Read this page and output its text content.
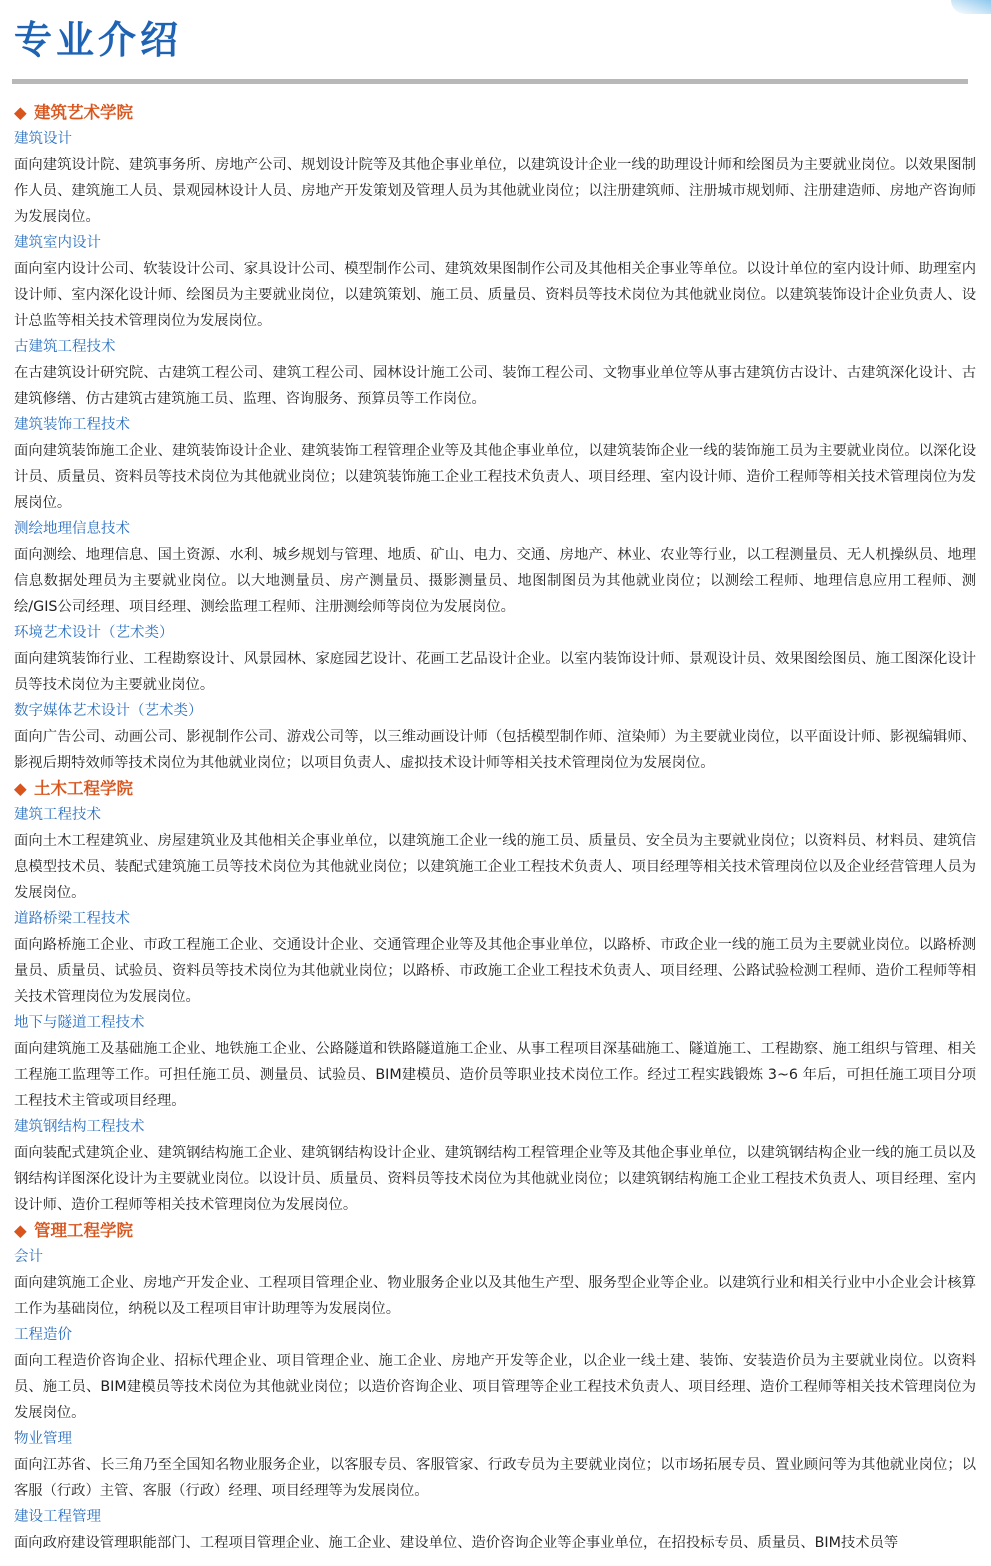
专业介绍
◆ 建筑艺术学院
建筑设计
面向建筑设计院、建筑事务所、房地产公司、规划设计院等及其他企事业单位，以建筑设计企业一线的助理设计师和绘图员为主要就业岗位。以效果图制作人员、建筑施工人员、景观园林设计人员、房地产开发策划及管理人员为其他就业岗位；以注册建筑师、注册城市规划师、注册建造师、房地产咨询师为发展岗位。
建筑室内设计
面向室内设计公司、软装设计公司、家具设计公司、模型制作公司、建筑效果图制作公司及其他相关企事业等单位。以设计单位的室内设计师、助理室内设计师、室内深化设计师、绘图员为主要就业岗位，以建筑策划、施工员、质量员、资料员等技术岗位为其他就业岗位。以建筑装饰设计企业负责人、设计总监等相关技术管理岗位为发展岗位。
古建筑工程技术
在古建筑设计研究院、古建筑工程公司、建筑工程公司、园林设计施工公司、装饰工程公司、文物事业单位等从事古建筑仿古设计、古建筑深化设计、古建筑修缮、仿古建筑古建筑施工员、监理、咨询服务、预算员等工作岗位。
建筑装饰工程技术
面向建筑装饰施工企业、建筑装饰设计企业、建筑装饰工程管理企业等及其他企事业单位，以建筑装饰企业一线的装饰施工员为主要就业岗位。以深化设计员、质量员、资料员等技术岗位为其他就业岗位；以建筑装饰施工企业工程技术负责人、项目经理、室内设计师、造价工程师等相关技术管理岗位为发展岗位。
测绘地理信息技术
面向测绘、地理信息、国土资源、水利、城乡规划与管理、地质、矿山、电力、交通、房地产、林业、农业等行业，以工程测量员、无人机操纵员、地理信息数据处理员为主要就业岗位。以大地测量员、房产测量员、摄影测量员、地图制图员为其他就业岗位；以测绘工程师、地理信息应用工程师、测绘/GIS公司经理、项目经理、测绘监理工程师、注册测绘师等岗位为发展岗位。
环境艺术设计（艺术类）
面向建筑装饰行业、工程勘察设计、风景园林、家庭园艺设计、花画工艺品设计企业。以室内装饰设计师、景观设计员、效果图绘图员、施工图深化设计员等技术岗位为主要就业岗位。
数字媒体艺术设计（艺术类）
面向广告公司、动画公司、影视制作公司、游戏公司等，以三维动画设计师（包括模型制作师、渲染师）为主要就业岗位，以平面设计师、影视编辑师、影视后期特效师等技术岗位为其他就业岗位；以项目负责人、虚拟技术设计师等相关技术管理岗位为发展岗位。
◆ 土木工程学院
建筑工程技术
面向土木工程建筑业、房屋建筑业及其他相关企事业单位，以建筑施工企业一线的施工员、质量员、安全员为主要就业岗位；以资料员、材料员、建筑信息模型技术员、装配式建筑施工员等技术岗位为其他就业岗位；以建筑施工企业工程技术负责人、项目经理等相关技术管理岗位以及企业经营管理人员为发展岗位。
道路桥梁工程技术
面向路桥施工企业、市政工程施工企业、交通设计企业、交通管理企业等及其他企事业单位，以路桥、市政企业一线的施工员为主要就业岗位。以路桥测量员、质量员、试验员、资料员等技术岗位为其他就业岗位；以路桥、市政施工企业工程技术负责人、项目经理、公路试验检测工程师、造价工程师等相关技术管理岗位为发展岗位。
地下与隧道工程技术
面向建筑施工及基础施工企业、地铁施工企业、公路隧道和铁路隧道施工企业、从事工程项目深基础施工、隧道施工、工程勘察、施工组织与管理、相关工程施工监理等工作。可担任施工员、测量员、试验员、BIM建模员、造价员等职业技术岗位工作。经过工程实践锻炼 3~6 年后，可担任施工项目分项工程技术主管或项目经理。
建筑钢结构工程技术
面向装配式建筑企业、建筑钢结构施工企业、建筑钢结构设计企业、建筑钢结构工程管理企业等及其他企事业单位，以建筑钢结构企业一线的施工员以及钢结构详图深化设计为主要就业岗位。以设计员、质量员、资料员等技术岗位为其他就业岗位；以建筑钢结构施工企业工程技术负责人、项目经理、室内设计师、造价工程师等相关技术管理岗位为发展岗位。
◆ 管理工程学院
会计
面向建筑施工企业、房地产开发企业、工程项目管理企业、物业服务企业以及其他生产型、服务型企业等企业。以建筑行业和相关行业中小企业会计核算工作为基础岗位，纳税以及工程项目审计助理等为发展岗位。
工程造价
面向工程造价咨询企业、招标代理企业、项目管理企业、施工企业、房地产开发等企业，以企业一线土建、装饰、安装造价员为主要就业岗位。以资料员、施工员、BIM建模员等技术岗位为其他就业岗位；以造价咨询企业、项目管理等企业工程技术负责人、项目经理、造价工程师等相关技术管理岗位为发展岗位。
物业管理
面向江苏省、长三角乃至全国知名物业服务企业，以客服专员、客服管家、行政专员为主要就业岗位；以市场拓展专员、置业顾问等为其他就业岗位；以客服（行政）主管、客服（行政）经理、项目经理等为发展岗位。
建设工程管理
面向政府建设管理职能部门、工程项目管理企业、施工企业、建设单位、造价咨询企业等企事业单位，在招投标专员、质量员、BIM技术员等
